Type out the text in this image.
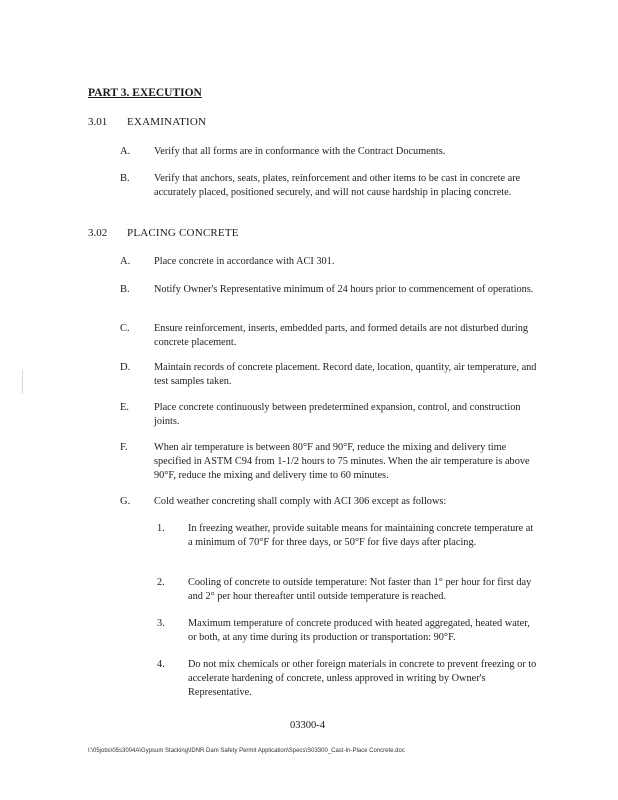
PART 3. EXECUTION
3.01 EXAMINATION
A.	Verify that all forms are in conformance with the Contract Documents.
B.	Verify that anchors, seats, plates, reinforcement and other items to be cast in concrete are accurately placed, positioned securely, and will not cause hardship in placing concrete.
3.02 PLACING CONCRETE
A.	Place concrete in accordance with ACI 301.
B.	Notify Owner's Representative minimum of 24 hours prior to commencement of operations.
C.	Ensure reinforcement, inserts, embedded parts, and formed details are not disturbed during concrete placement.
D.	Maintain records of concrete placement. Record date, location, quantity, air temperature, and test samples taken.
E.	Place concrete continuously between predetermined expansion, control, and construction joints.
F.	When air temperature is between 80°F and 90°F, reduce the mixing and delivery time specified in ASTM C94 from 1-1/2 hours to 75 minutes. When the air temperature is above 90°F, reduce the mixing and delivery time to 60 minutes.
G.	Cold weather concreting shall comply with ACI 306 except as follows:
1. In freezing weather, provide suitable means for maintaining concrete temperature at a minimum of 70°F for three days, or 50°F for five days after placing.
2. Cooling of concrete to outside temperature: Not faster than 1° per hour for first day and 2° per hour thereafter until outside temperature is reached.
3. Maximum temperature of concrete produced with heated aggregated, heated water, or both, at any time during its production or transportation: 90°F.
4. Do not mix chemicals or other foreign materials in concrete to prevent freezing or to accelerate hardening of concrete, unless approved in writing by Owner's Representative.
03300-4
I:\05jobs\05s3004A\Gypsum Stacking\IDNR Dam Safety Permit Application\Specs\S03300_Cast-In-Place Concrete.doc
